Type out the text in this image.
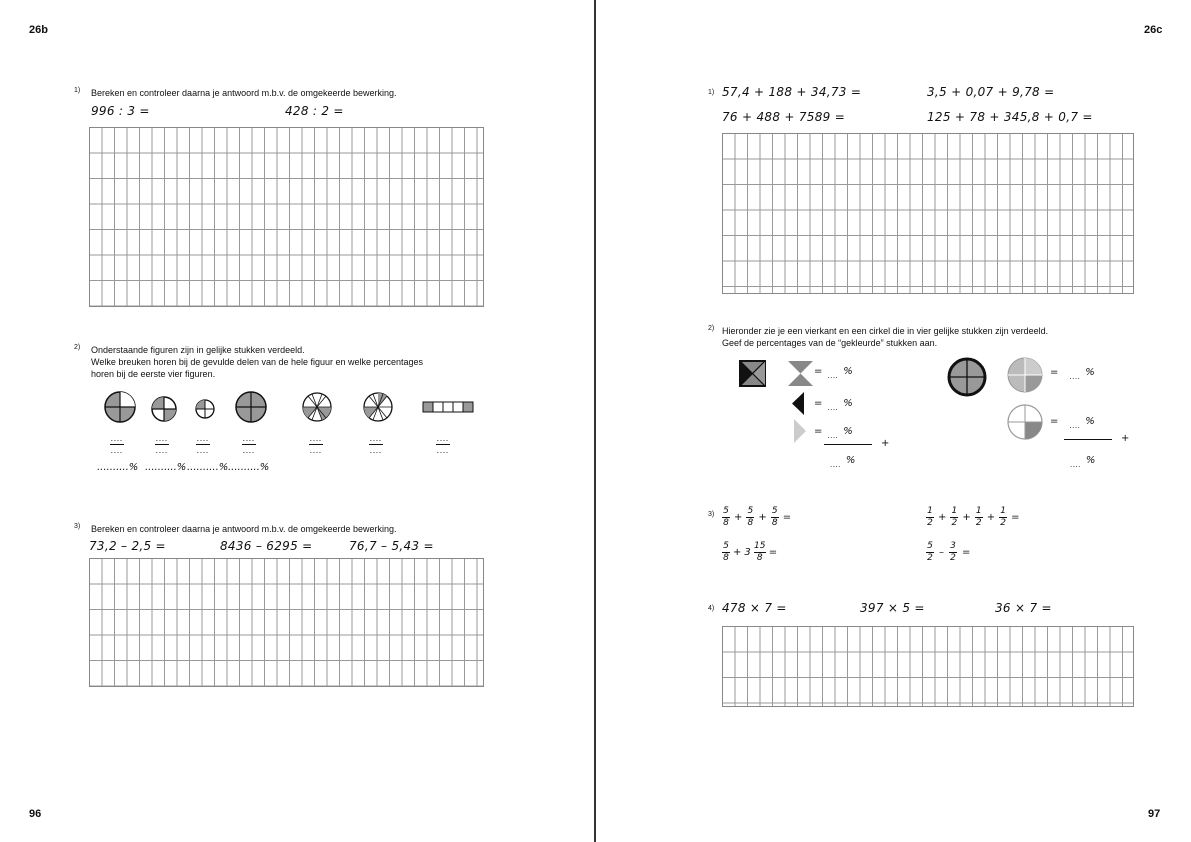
26b
96
1) Bereken en controleer daarna je antwoord m.b.v. de omgekeerde bewerking.
996 : 3 =	428 : 2 =
2) Onderstaande figuren zijn in gelijke stukken verdeeld.
Welke breuken horen bij de gevulde delen van de hele figuur en welke percentages
horen bij de eerste vier figuren.
....
....
....
....
....
....
....
....
....
....
....
....
....
....
..........% ..........% ..........% ..........%
3) Bereken en controleer daarna je antwoord m.b.v. de omgekeerde bewerking.
73,2 – 2,5 =	8436 – 6295 =	76,7 – 5,43 =
26c
97
1) 57,4 + 188 + 34,73 =	3,5 + 0,07 + 9,78 =
76 + 488 + 7589 =	125 + 78 + 345,8 + 0,7 =
2) Hieronder zie je een vierkant en een cirkel die in vier gelijke stukken zijn verdeeld.
Geef de percentages van de “gekleurde” stukken aan.
= .... %
= .... %
= .... %
+
.... %
= .... %
= .... %
+
.... %
$3) \frac{5}{8} + \frac{5}{8} + \frac{5}{8}$ =	$\frac{1}{2} + \frac{1}{2} + \frac{1}{2} + \frac{1}{2}$ =
$\frac{5}{8} + 3 \frac{15}{8}$ =	$\frac{5}{2} - \frac{3}{2}$ =
4) 478 × 7 =	397 × 5 =	36 × 7 =
